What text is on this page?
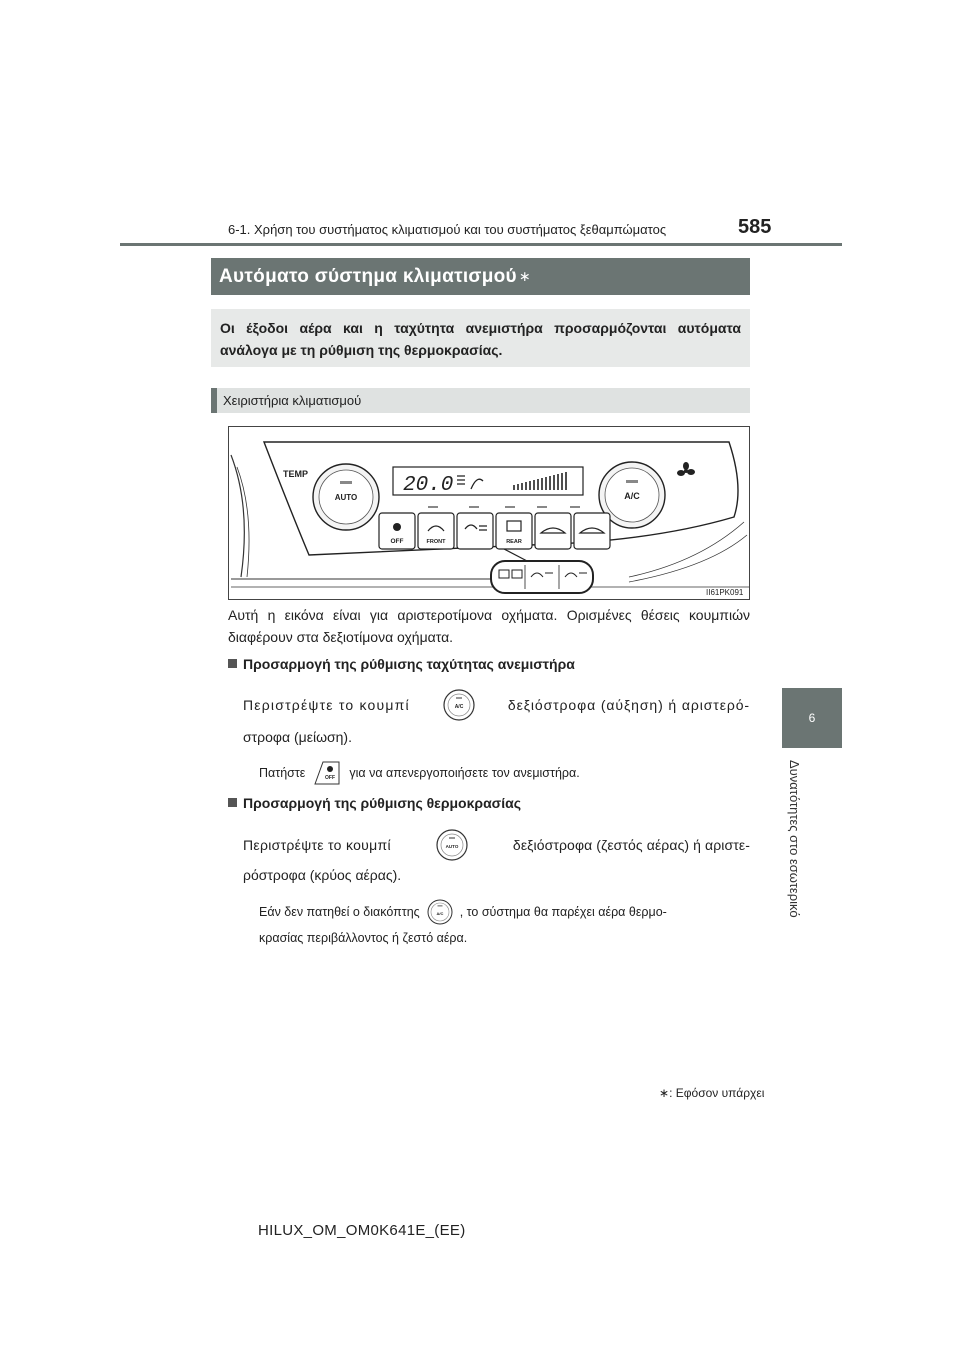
6-1. Χρήση του συστήματος κλιματισμού και του συστήματος ξεθαμπώματος	585
6
Δυνατότητες στο εσωτερικό
Αυτόματο σύστημα κλιματισμού ∗
Οι έξοδοι αέρα και η ταχύτητα ανεμιστήρα προσαρμόζονται αυτόματα ανάλογα με τη ρύθμιση της θερμοκρασίας.
Χειριστήρια κλιματισμού
TEMP
AUTO	A/C
20.0
OFF	FRONT	REAR
II61PK091
Αυτή η εικόνα είναι για αριστεροτίμονα οχήματα. Ορισμένες θέσεις κουμπιών διαφέρουν στα δεξιοτίμονα οχήματα.
Προσαρμογή της ρύθμισης ταχύτητας ανεμιστήρα
Περιστρέψτε το κουμπί	A/C	δεξιόστροφα (αύξηση) ή αριστερό-
στροφα (μείωση).
Πατήστε	OFF για να απενεργοποιήσετε τον ανεμιστήρα.
Προσαρμογή της ρύθμισης θερμοκρασίας
Περιστρέψτε το κουμπί	AUTO	δεξιόστροφα (ζεστός αέρας) ή αριστε-
ρόστροφα (κρύος αέρας).
Εάν δεν πατηθεί ο διακόπτης	A/C , το σύστημα θα παρέχει αέρα θερμο-
κρασίας περιβάλλοντος ή ζεστό αέρα.
∗: Εφόσον υπάρχει
HILUX_OM_OM0K641E_(EE)
